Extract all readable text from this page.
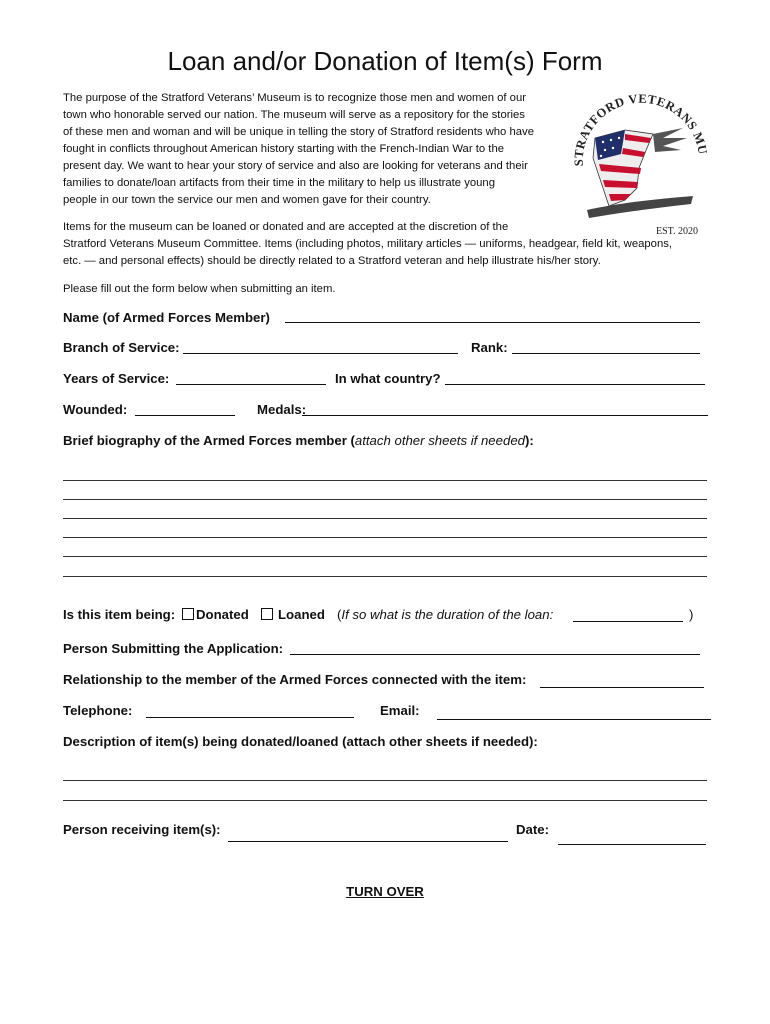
Loan and/or Donation of Item(s) Form
The purpose of the Stratford Veterans’ Museum is to recognize those men and women of our
town who honorable served our nation. The museum will serve as a repository for the stories
of these men and woman and will be unique in telling the story of Stratford residents who have
fought in conflicts throughout American history starting with the French-Indian War to the
present day. We want to hear your story of service and also are looking for veterans and their
families to donate/loan artifacts from their time in the military to help us illustrate young
people in our town the service our men and women gave for their country.
STRATFORD VETERANS MU
EST. 2020
Items for the museum can be loaned or donated and are accepted at the discretion of the
Stratford Veterans Museum Committee. Items (including photos, military articles — uniforms, headgear, field kit, weapons,
etc. — and personal effects) should be directly related to a Stratford veteran and help illustrate his/her story.
Please fill out the form below when submitting an item.
Name (of Armed Forces Member)
Branch of Service:	Rank:
Years of Service:	In what country?
Wounded:	Medals:
Brief biography of the Armed Forces member (attach other sheets if needed):
Is this item being:	Donated	Loaned (If so what is the duration of the loan:	)
Person Submitting the Application:
Relationship to the member of the Armed Forces connected with the item:
Telephone:	Email:
Description of item(s) being donated/loaned (attach other sheets if needed):
Person receiving item(s):	Date:
TURN OVER
